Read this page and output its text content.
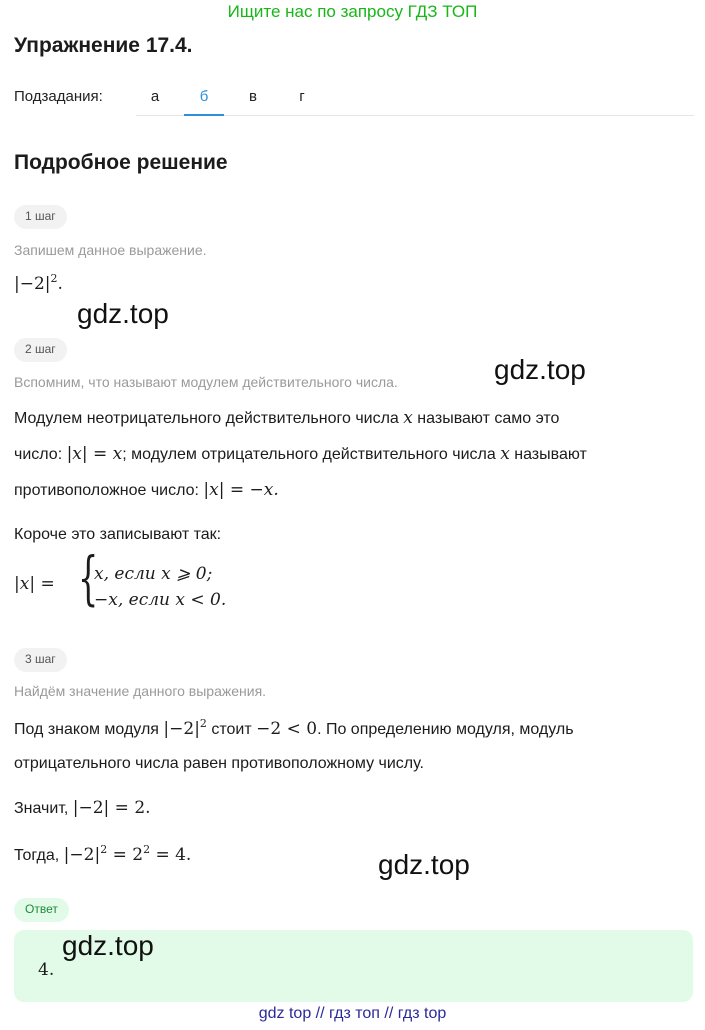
Ищите нас по запросу ГДЗ ТОП
Упражнение 17.4.
Подзадания:	а	б	в	г
Подробное решение
1 шаг
Запишем данное выражение.
$|-2|^2$.
2 шаг
Вспомним, что называют модулем действительного числа.
Модулем неотрицательного действительного числа x называют само это
число: |x| = x; модулем отрицательного действительного числа x называют
противоположное число: |x| = −x.
Короче это записывают так:
|x| = {
x, если x ⩾ 0;
−x, если x < 0.
3 шаг
Найдём значение данного выражения.
Под знаком модуля $|-2|^2$ стоит −2 < 0. По определению модуля, модуль
отрицательного числа равен противоположному числу.
Значит, |−2| = 2.
Тогда, $|-2|^2 = 2^2 = 4$.
Ответ
4.
gdz.top
gdz.top
gdz.top
gdz.top
gdz top // гдз топ // гдз top
